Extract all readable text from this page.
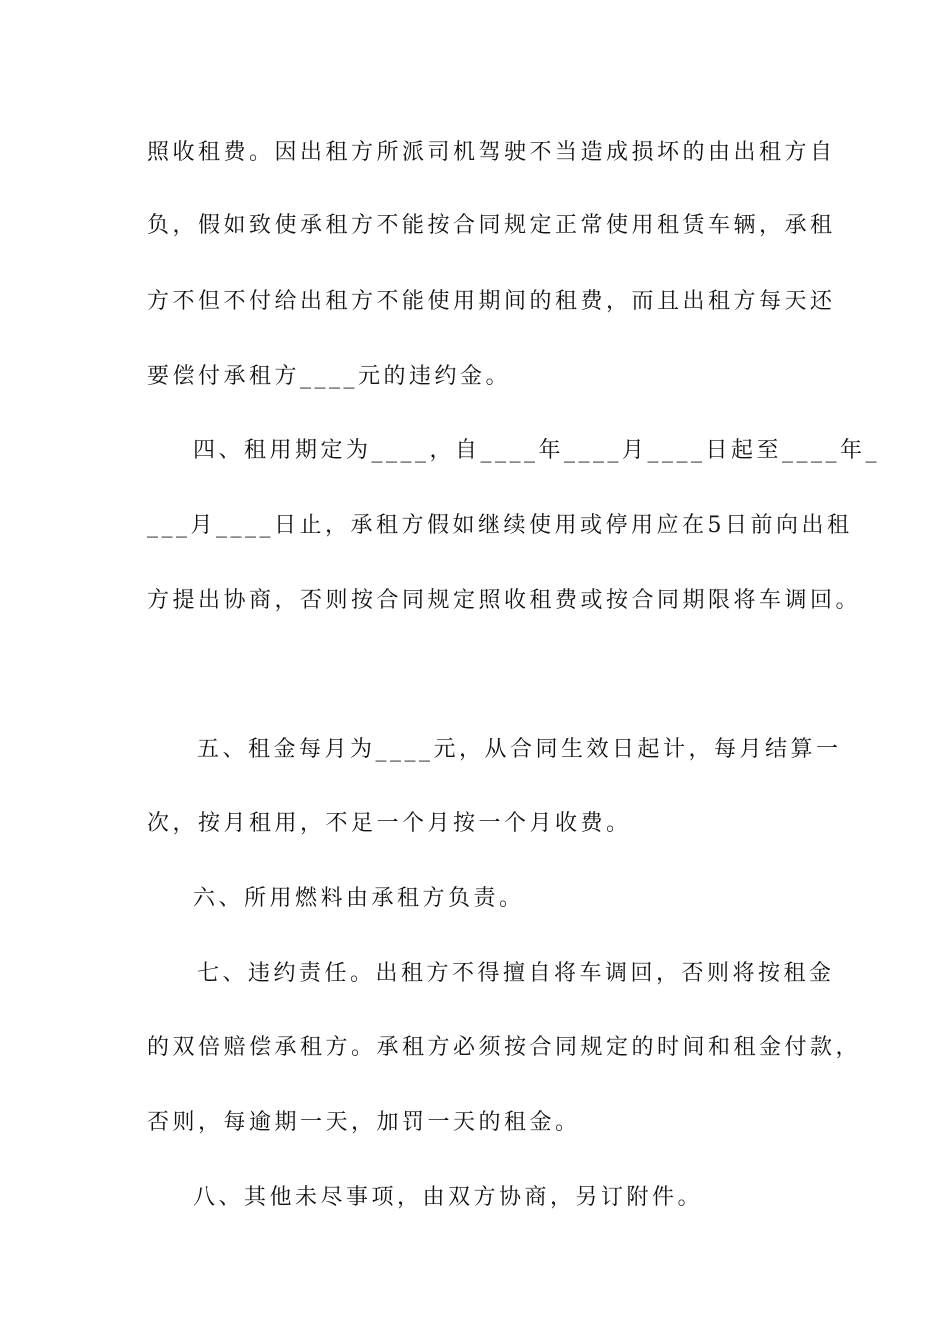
照收租费。因出租方所派司机驾驶不当造成损坏的由出租方自
负，假如致使承租方不能按合同规定正常使用租赁车辆，承租
方不但不付给出租方不能使用期间的租费，而且出租方每天还
要偿付承租方____元的违约金。
四、租用期定为____，自____年____月____日起至____年_
___月____日止，承租方假如继续使用或停用应在5日前向出租
方提出协商，否则按合同规定照收租费或按合同期限将车调回。
五、租金每月为____元，从合同生效日起计，每月结算一
次，按月租用，不足一个月按一个月收费。
六、所用燃料由承租方负责。
七、违约责任。出租方不得擅自将车调回，否则将按租金
的双倍赔偿承租方。承租方必须按合同规定的时间和租金付款，
否则，每逾期一天，加罚一天的租金。
八、其他未尽事项，由双方协商，另订附件。
